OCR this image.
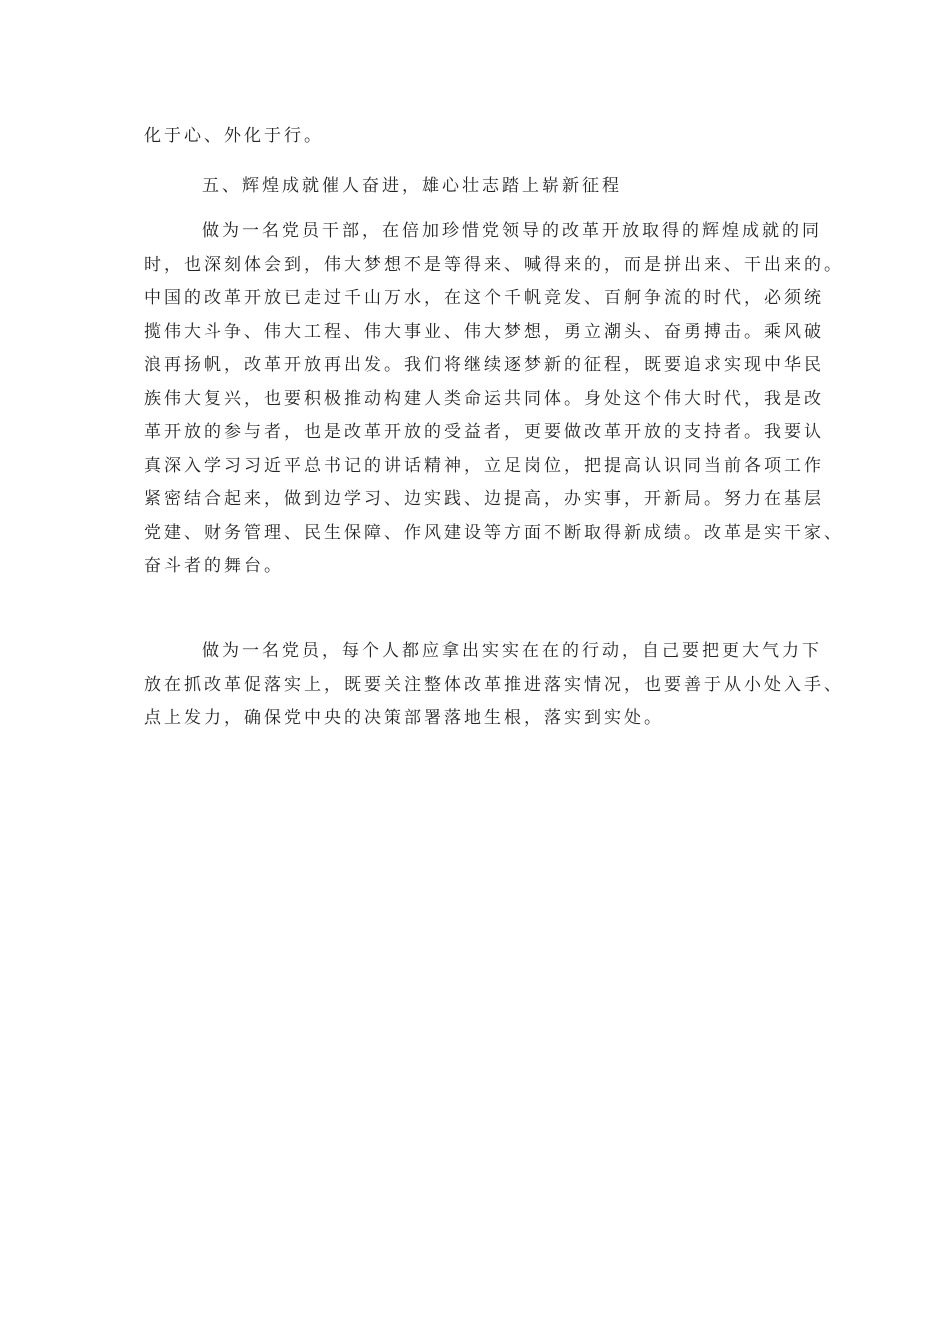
化于心、外化于行。
五、辉煌成就催人奋进，雄心壮志踏上崭新征程
做为一名党员干部，在倍加珍惜党领导的改革开放取得的辉煌成就的同
时，也深刻体会到，伟大梦想不是等得来、喊得来的，而是拼出来、干出来的。
中国的改革开放已走过千山万水，在这个千帆竞发、百舸争流的时代，必须统
揽伟大斗争、伟大工程、伟大事业、伟大梦想，勇立潮头、奋勇搏击。乘风破
浪再扬帆，改革开放再出发。我们将继续逐梦新的征程，既要追求实现中华民
族伟大复兴，也要积极推动构建人类命运共同体。身处这个伟大时代，我是改
革开放的参与者，也是改革开放的受益者，更要做改革开放的支持者。我要认
真深入学习习近平总书记的讲话精神，立足岗位，把提高认识同当前各项工作
紧密结合起来，做到边学习、边实践、边提高，办实事，开新局。努力在基层
党建、财务管理、民生保障、作风建设等方面不断取得新成绩。改革是实干家、
奋斗者的舞台。
做为一名党员，每个人都应拿出实实在在的行动，自己要把更大气力下
放在抓改革促落实上，既要关注整体改革推进落实情况，也要善于从小处入手、
点上发力，确保党中央的决策部署落地生根，落实到实处。
